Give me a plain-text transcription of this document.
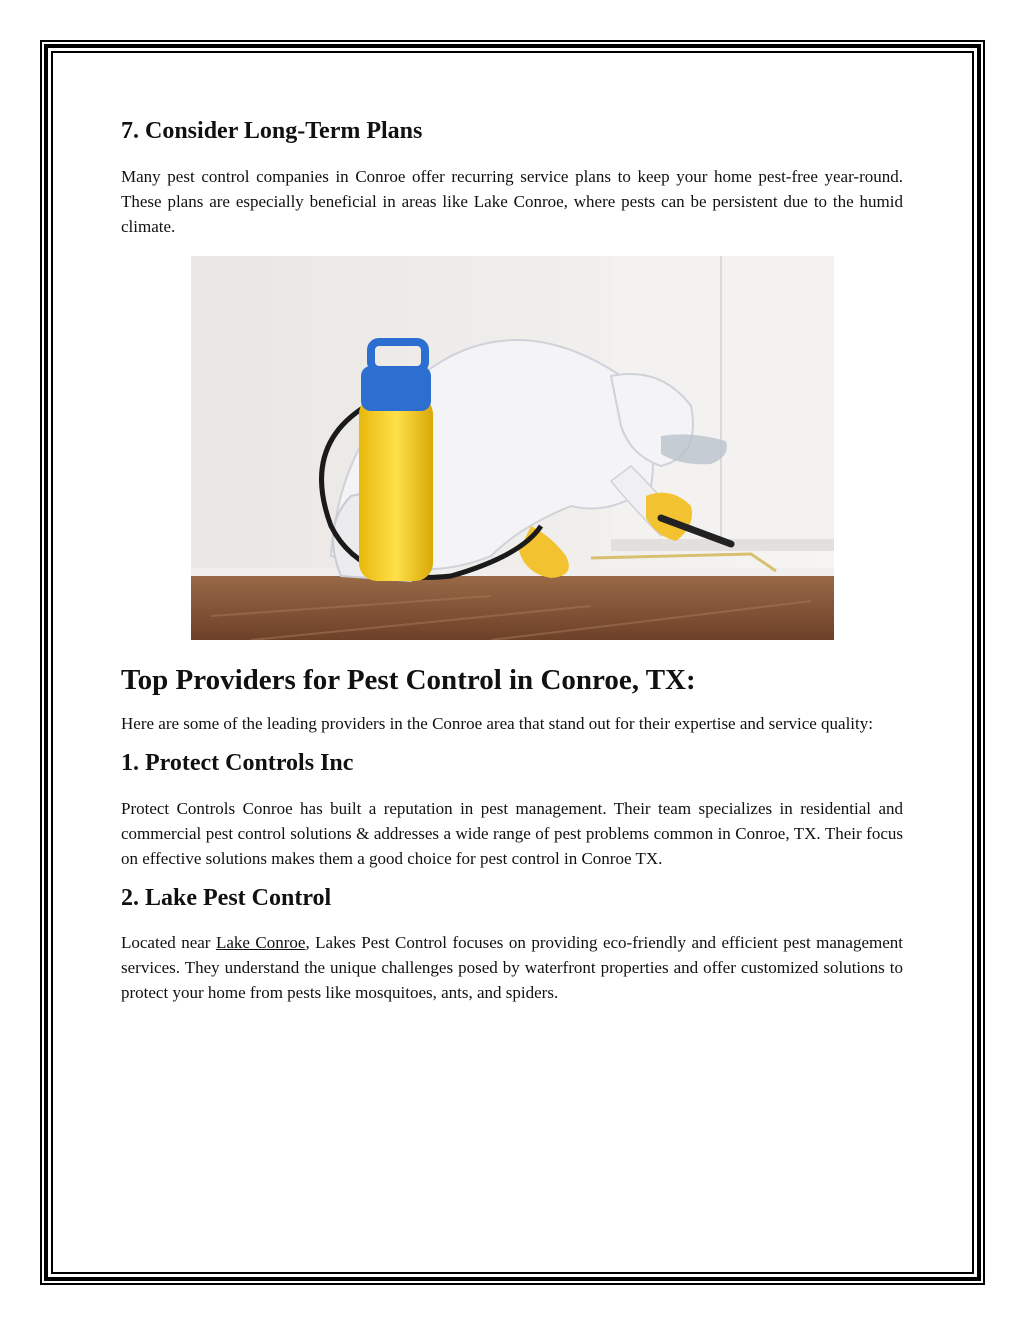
7. Consider Long-Term Plans

Many pest control companies in Conroe offer recurring service plans to keep your home pest-free year-round. These plans are especially beneficial in areas like Lake Conroe, where pests can be persistent due to the humid climate.

Top Providers for Pest Control in Conroe, TX:

Here are some of the leading providers in the Conroe area that stand out for their expertise and service quality:

1. Protect Controls Inc

Protect Controls Conroe has built a reputation in pest management. Their team specializes in residential and commercial pest control solutions & addresses a wide range of pest problems common in Conroe, TX. Their focus on effective solutions makes them a good choice for pest control in Conroe TX.

2. Lake Pest Control

Located near Lake Conroe, Lakes Pest Control focuses on providing eco-friendly and efficient pest management services. They understand the unique challenges posed by waterfront properties and offer customized solutions to protect your home from pests like mosquitoes, ants, and spiders.
